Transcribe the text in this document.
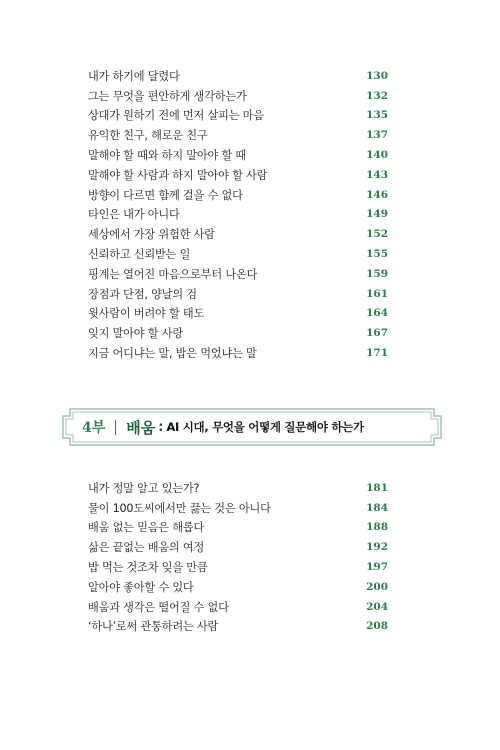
내가 하기에 달렸다	130
그는 무엇을 편안하게 생각하는가	132
상대가 원하기 전에 먼저 살피는 마음	135
유익한 친구, 해로운 친구	137
말해야 할 때와 하지 말아야 할 때	140
말해야 할 사람과 하지 말아야 할 사람	143
방향이 다르면 함께 걸을 수 없다	146
타인은 내가 아니다	149
세상에서 가장 위험한 사람	152
신뢰하고 신뢰받는 일	155
핑계는 열어진 마음으로부터 나온다	159
장점과 단점, 양날의 검	161
윗사람이 버려야 할 태도	164
잊지 말아야 할 사랑	167
지금 어디냐는 말, 밥은 먹었냐는 말	171
4부 배움 : AI 시대, 무엇을 어떻게 질문해야 하는가
내가 정말 알고 있는가?	181
물이 100도씨에서만 끓는 것은 아니다	184
배움 없는 믿음은 해롭다	188
삶은 끝없는 배움의 여정	192
밥 먹는 것조차 잊을 만큼	197
알아야 좋아할 수 있다	200
배움과 생각은 떨어질 수 없다	204
‘하나’로써 관통하려는 사람	208
